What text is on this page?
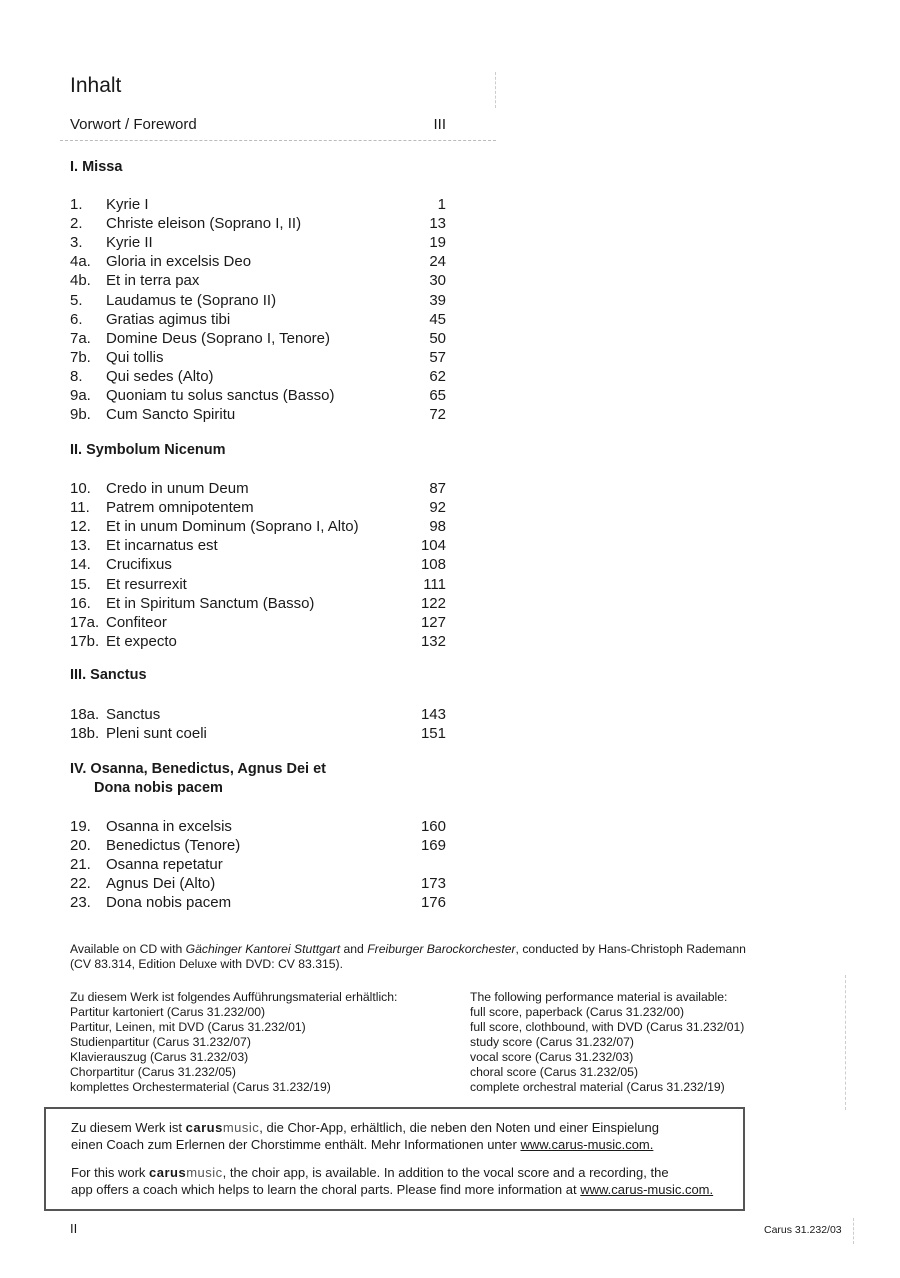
Inhalt
Vorwort / Foreword	III
I. Missa
1. Kyrie I	1
2. Christe eleison (Soprano I, II)	13
3. Kyrie II	19
4a. Gloria in excelsis Deo	24
4b. Et in terra pax	30
5. Laudamus te (Soprano II)	39
6. Gratias agimus tibi	45
7a. Domine Deus (Soprano I, Tenore)	50
7b. Qui tollis	57
8. Qui sedes (Alto)	62
9a. Quoniam tu solus sanctus (Basso)	65
9b. Cum Sancto Spiritu	72
II. Symbolum Nicenum
10. Credo in unum Deum	87
11. Patrem omnipotentem	92
12. Et in unum Dominum (Soprano I, Alto)	98
13. Et incarnatus est	104
14. Crucifixus	108
15. Et resurrexit	111
16. Et in Spiritum Sanctum (Basso)	122
17a. Confiteor	127
17b. Et expecto	132
III. Sanctus
18a. Sanctus	143
18b. Pleni sunt coeli	151
IV. Osanna, Benedictus, Agnus Dei et
Dona nobis pacem
19. Osanna in excelsis	160
20. Benedictus (Tenore)	169
21. Osanna repetatur
22. Agnus Dei (Alto)	173
23. Dona nobis pacem	176
Available on CD with Gächinger Kantorei Stuttgart and Freiburger Barockorchester, conducted by Hans-Christoph Rademann
(CV 83.314, Edition Deluxe with DVD: CV 83.315).
Zu diesem Werk ist folgendes Aufführungsmaterial erhältlich:
Partitur kartoniert (Carus 31.232/00)
Partitur, Leinen, mit DVD (Carus 31.232/01)
Studienpartitur (Carus 31.232/07)
Klavierauszug (Carus 31.232/03)
Chorpartitur (Carus 31.232/05)
komplettes Orchestermaterial (Carus 31.232/19)
The following performance material is available:
full score, paperback (Carus 31.232/00)
full score, clothbound, with DVD (Carus 31.232/01)
study score (Carus 31.232/07)
vocal score (Carus 31.232/03)
choral score (Carus 31.232/05)
complete orchestral material (Carus 31.232/19)
Zu diesem Werk ist carusmusic, die Chor-App, erhältlich, die neben den Noten und einer Einspielung
einen Coach zum Erlernen der Chorstimme enthält. Mehr Informationen unter www.carus-music.com.
For this work carusmusic, the choir app, is available. In addition to the vocal score and a recording, the
app offers a coach which helps to learn the choral parts. Please find more information at www.carus-music.com.
II	Carus 31.232/03
